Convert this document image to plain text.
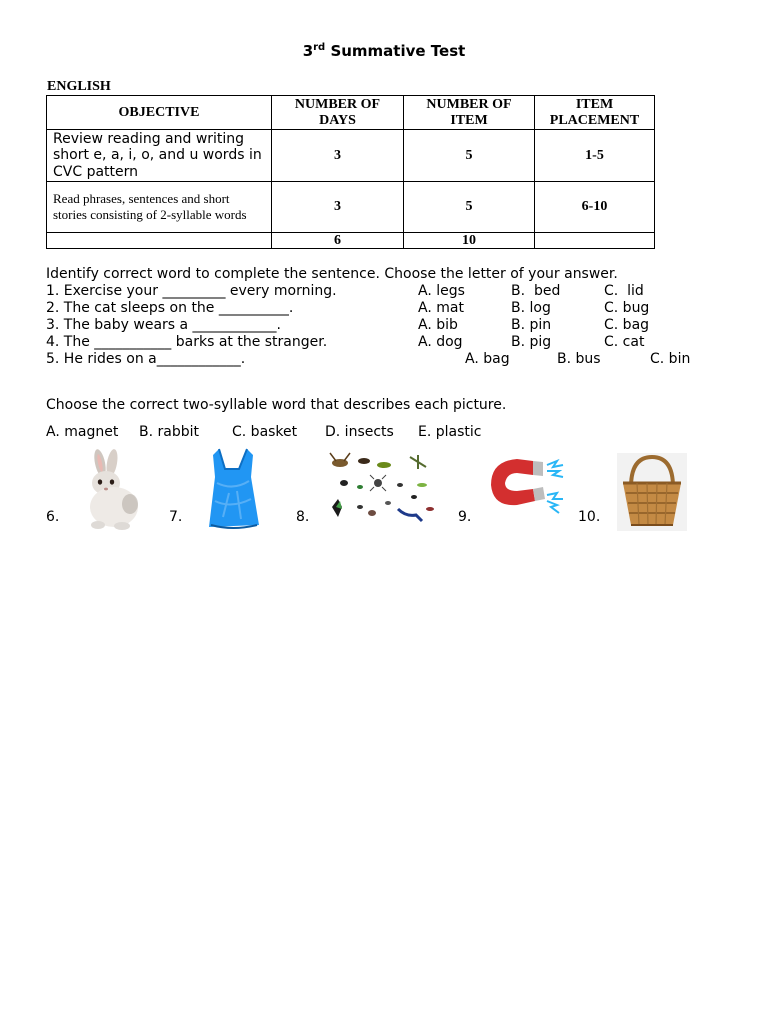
3rd Summative Test
ENGLISH
OBJECTIVE	NUMBER OF DAYS	NUMBER OF ITEM	ITEM PLACEMENT
Review reading and writing short e, a, i, o, and u words in CVC pattern	3	5	1-5
Read phrases, sentences and short stories consisting of 2-syllable words	3	5	6-10
	6	10	
Identify correct word to complete the sentence. Choose the letter of your answer.
1. Exercise your _________ every morning.	A. legs	B.  bed	C.  lid
2. The cat sleeps on the __________.	A. mat	B. log	C. bug
3. The baby wears a ____________.	A. bib	B. pin	C. bag
4. The ___________ barks at the stranger.	A. dog	B. pig	C. cat
5. He rides on a____________.	A. bag	B. bus	C. bin
Choose the correct two-syllable word that describes each picture.
A. magnet B. rabbit C. basket D. insects E. plastic
6.	7.	8.	9.	10.
